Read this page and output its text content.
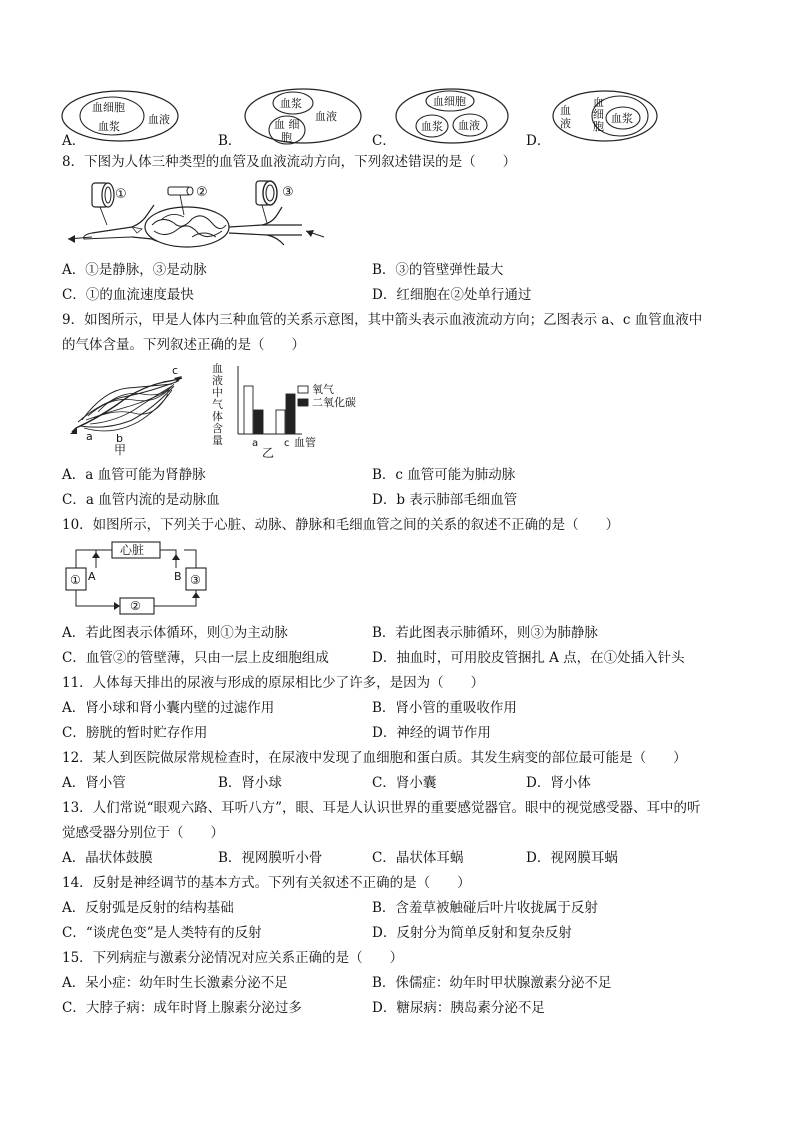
血细胞
血浆
血液
血浆
血液
血 细
胞
血细胞
血浆 血液
血
液
血
细
胞
血浆
A．	B．	C．	D．
8．下图为人体三种类型的血管及血液流动方向，下列叙述错误的是（　　）
①	②	③
A．①是静脉，③是动脉	B．③的管壁弹性最大
C．①的血流速度最快	D．红细胞在②处单行通过
9．如图所示，甲是人体内三种血管的关系示意图，其中箭头表示血液流动方向；乙图表示 a、c 血管血液中
的气体含量。下列叙述正确的是（　　）
c
a b
甲
血
液
中
气
体
含
量
氧气
二氧化碳
a	c 血管
乙
A．a 血管可能为肾静脉	B．c 血管可能为肺动脉
C．a 血管内流的是动脉血	D．b 表示肺部毛细血管
10．如图所示，下列关于心脏、动脉、静脉和毛细血管之间的关系的叙述不正确的是（　　）
心脏
①	③
②
A	B
A．若此图表示体循环，则①为主动脉	B．若此图表示肺循环，则③为肺静脉
C．血管②的管壁薄，只由一层上皮细胞组成	D．抽血时，可用胶皮管捆扎 A 点，在①处插入针头
11．人体每天排出的尿液与形成的原尿相比少了许多，是因为（　　）
A．肾小球和肾小囊内壁的过滤作用	B．肾小管的重吸收作用
C．膀胱的暂时贮存作用	D．神经的调节作用
12．某人到医院做尿常规检查时，在尿液中发现了血细胞和蛋白质。其发生病变的部位最可能是（　　）
A．肾小管	B．肾小球	C．肾小囊	D．肾小体
13．人们常说“眼观六路、耳听八方”，眼、耳是人认识世界的重要感觉器官。眼中的视觉感受器、耳中的听
觉感受器分别位于（　　）
A．晶状体鼓膜	B．视网膜听小骨	C．晶状体耳蜗	D．视网膜耳蜗
14．反射是神经调节的基本方式。下列有关叙述不正确的是（　　）
A．反射弧是反射的结构基础	B．含羞草被触碰后叶片收拢属于反射
C．“谈虎色变”是人类特有的反射	D．反射分为简单反射和复杂反射
15．下列病症与激素分泌情况对应关系正确的是（　　）
A．呆小症：幼年时生长激素分泌不足	B．侏儒症：幼年时甲状腺激素分泌不足
C．大脖子病：成年时肾上腺素分泌过多	D．糖尿病：胰岛素分泌不足
